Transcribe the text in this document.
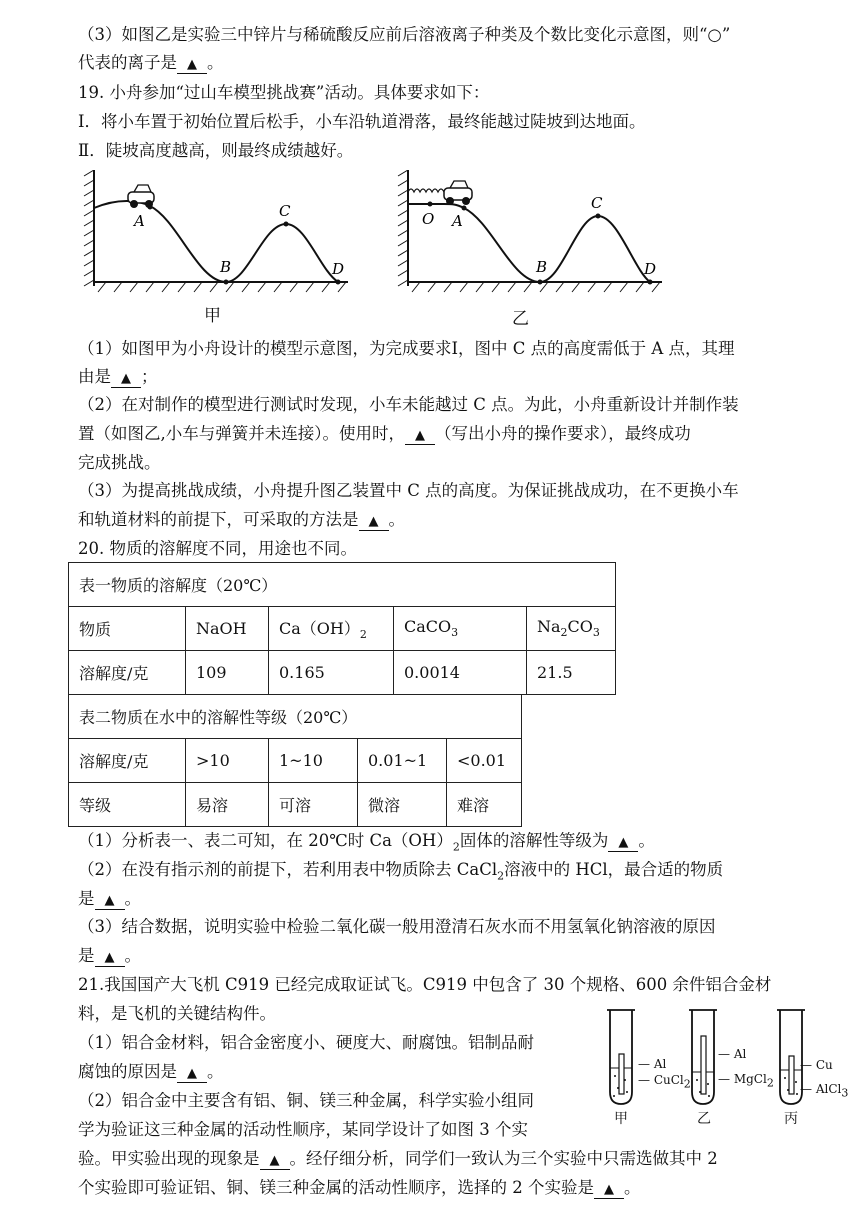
（3）如图乙是实验三中锌片与稀硫酸反应前后溶液离子种类及个数比变化示意图，则“○”
代表的离子是 ▲ 。
19. 小舟参加“过山车模型挑战赛”活动。具体要求如下：
Ⅰ．将小车置于初始位置后松手，小车沿轨道滑落，最终能越过陡坡到达地面。
Ⅱ．陡坡高度越高，则最终成绩越好。
A
B
C
D
甲
O A
B
C
D
乙
（1）如图甲为小舟设计的模型示意图，为完成要求Ⅰ，图中 C 点的高度需低于 A 点，其理
由是 ▲ ；
（2）在对制作的模型进行测试时发现，小车未能越过 C 点。为此，小舟重新设计并制作装
置（如图乙,小车与弹簧并未连接）。使用时， ▲ （写出小舟的操作要求），最终成功
完成挑战。
（3）为提高挑战成绩，小舟提升图乙装置中 C 点的高度。为保证挑战成功，在不更换小车
和轨道材料的前提下，可采取的方法是 ▲ 。
20. 物质的溶解度不同，用途也不同。
表一物质的溶解度（20℃）				
物质	NaOH	$Ca(OH)_2$	CaCO$_3$	$Na_2CO_3$
溶解度/克	109	0.165	0.0014	21.5
表二物质在水中的溶解性等级（20℃）				
溶解度/克	>10	1~10	0.01~1	<0.01
等级	易溶	可溶	微溶	难溶
（1）分析表一、表二可知，在 20℃时 $Ca(OH)_2$固体的溶解性等级为 ▲ 。
（2）在没有指示剂的前提下，若利用表中物质除去 CaCl$_2$溶液中的 HCl，最合适的物质
是 ▲ 。
（3）结合数据，说明实验中检验二氧化碳一般用澄清石灰水而不用氢氧化钠溶液的原因
是 ▲ 。
21.我国国产大飞机 C919 已经完成取证试飞。C919 中包含了 30 个规格、600 余件铝合金材
料，是飞机的关键结构件。
（1）铝合金材料，铝合金密度小、硬度大、耐腐蚀。铝制品耐
腐蚀的原因是 ▲ 。
（2）铝合金中主要含有铝、铜、镁三种金属，科学实验小组同
学为验证这三种金属的活动性顺序，某同学设计了如图 3 个实
验。甲实验出现的现象是 ▲ 。经仔细分析，同学们一致认为三个实验中只需选做其中 2
个实验即可验证铝、铜、镁三种金属的活动性顺序，选择的 2 个实验是 ▲ 。
— Al
— CuCl$_2$
— Al
— MgCl$_2$
— Cu
— AlCl$_3$
甲	乙	丙
